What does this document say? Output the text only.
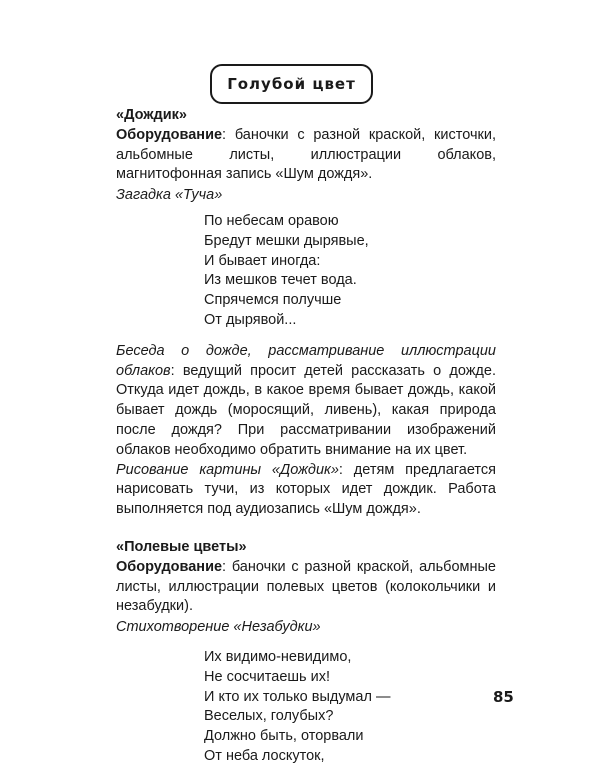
Голубой цвет

«Дождик»

Оборудование: баночки с разной краской, кисточки, альбомные листы, иллюстрации облаков, магнитофонная запись «Шум дождя».

Загадка «Туча»

По небесам оравою
Бредут мешки дырявые,
И бывает иногда:
Из мешков течет вода.
Спрячемся получше
От дырявой...

Беседа о дожде, рассматривание иллюстрации облаков: ведущий просит детей рассказать о дожде. Откуда идет дождь, в какое время бывает дождь, какой бывает дождь (моросящий, ливень), какая природа после дождя? При рассматривании изображений облаков необходимо обратить внимание на их цвет.

Рисование картины «Дождик»: детям предлагается нарисовать тучи, из которых идет дождик. Работа выполняется под аудиозапись «Шум дождя».

«Полевые цветы»

Оборудование: баночки с разной краской, альбомные листы, иллюстрации полевых цветов (колокольчики и незабудки).

Стихотворение «Незабудки»

Их видимо-невидимо,
Не сосчитаешь их!
И кто их только выдумал —
Веселых, голубых?
Должно быть, оторвали
От неба лоскуток,
85
